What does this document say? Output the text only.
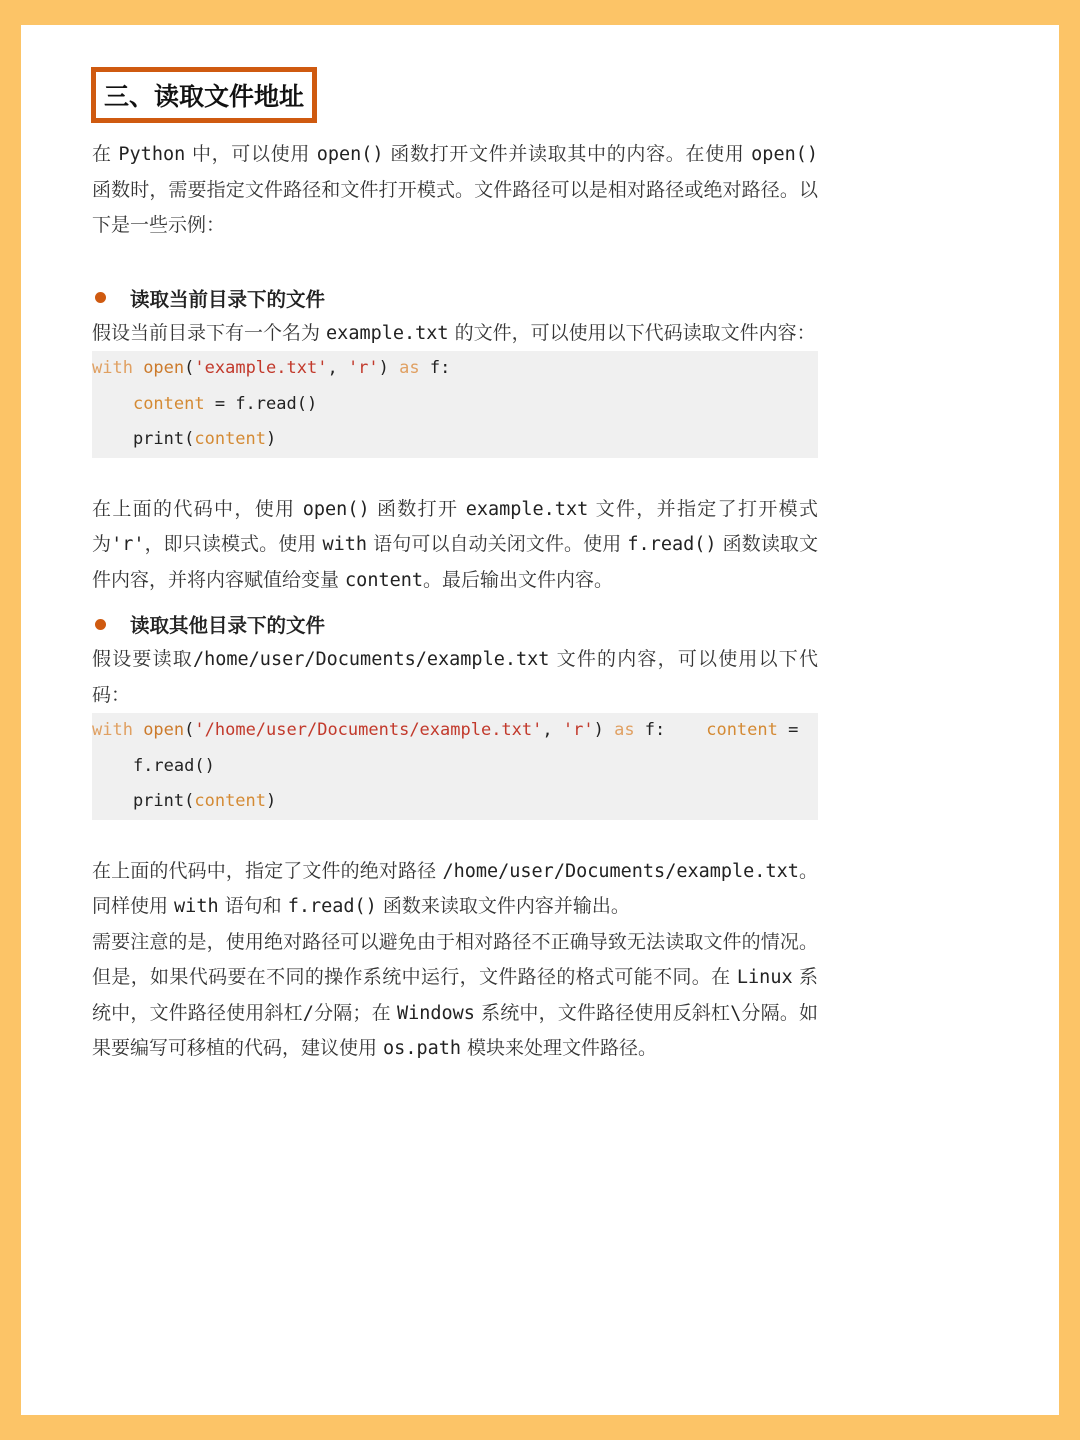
三、读取文件地址

在 Python 中，可以使用 open() 函数打开文件并读取其中的内容。在使用 open() 函数时，需要指定文件路径和文件打开模式。文件路径可以是相对路径或绝对路径。以下是一些示例：

读取当前目录下的文件

假设当前目录下有一个名为 example.txt 的文件，可以使用以下代码读取文件内容：

with open('example.txt', 'r') as f:
content = f.read()
print(content)

在上面的代码中，使用 open() 函数打开 example.txt 文件，并指定了打开模式为'r'，即只读模式。使用 with 语句可以自动关闭文件。使用 f.read() 函数读取文件内容，并将内容赋值给变量 content。最后输出文件内容。

读取其他目录下的文件

假设要读取/home/user/Documents/example.txt 文件的内容，可以使用以下代码：

with open('/home/user/Documents/example.txt', 'r') as f:    content =
f.read()
print(content)

在上面的代码中，指定了文件的绝对路径 /home/user/Documents/example.txt。同样使用 with 语句和 f.read() 函数来读取文件内容并输出。

需要注意的是，使用绝对路径可以避免由于相对路径不正确导致无法读取文件的情况。但是，如果代码要在不同的操作系统中运行，文件路径的格式可能不同。在 Linux 系统中，文件路径使用斜杠/分隔；在 Windows 系统中，文件路径使用反斜杠\分隔。如果要编写可移植的代码，建议使用 os.path 模块来处理文件路径。
